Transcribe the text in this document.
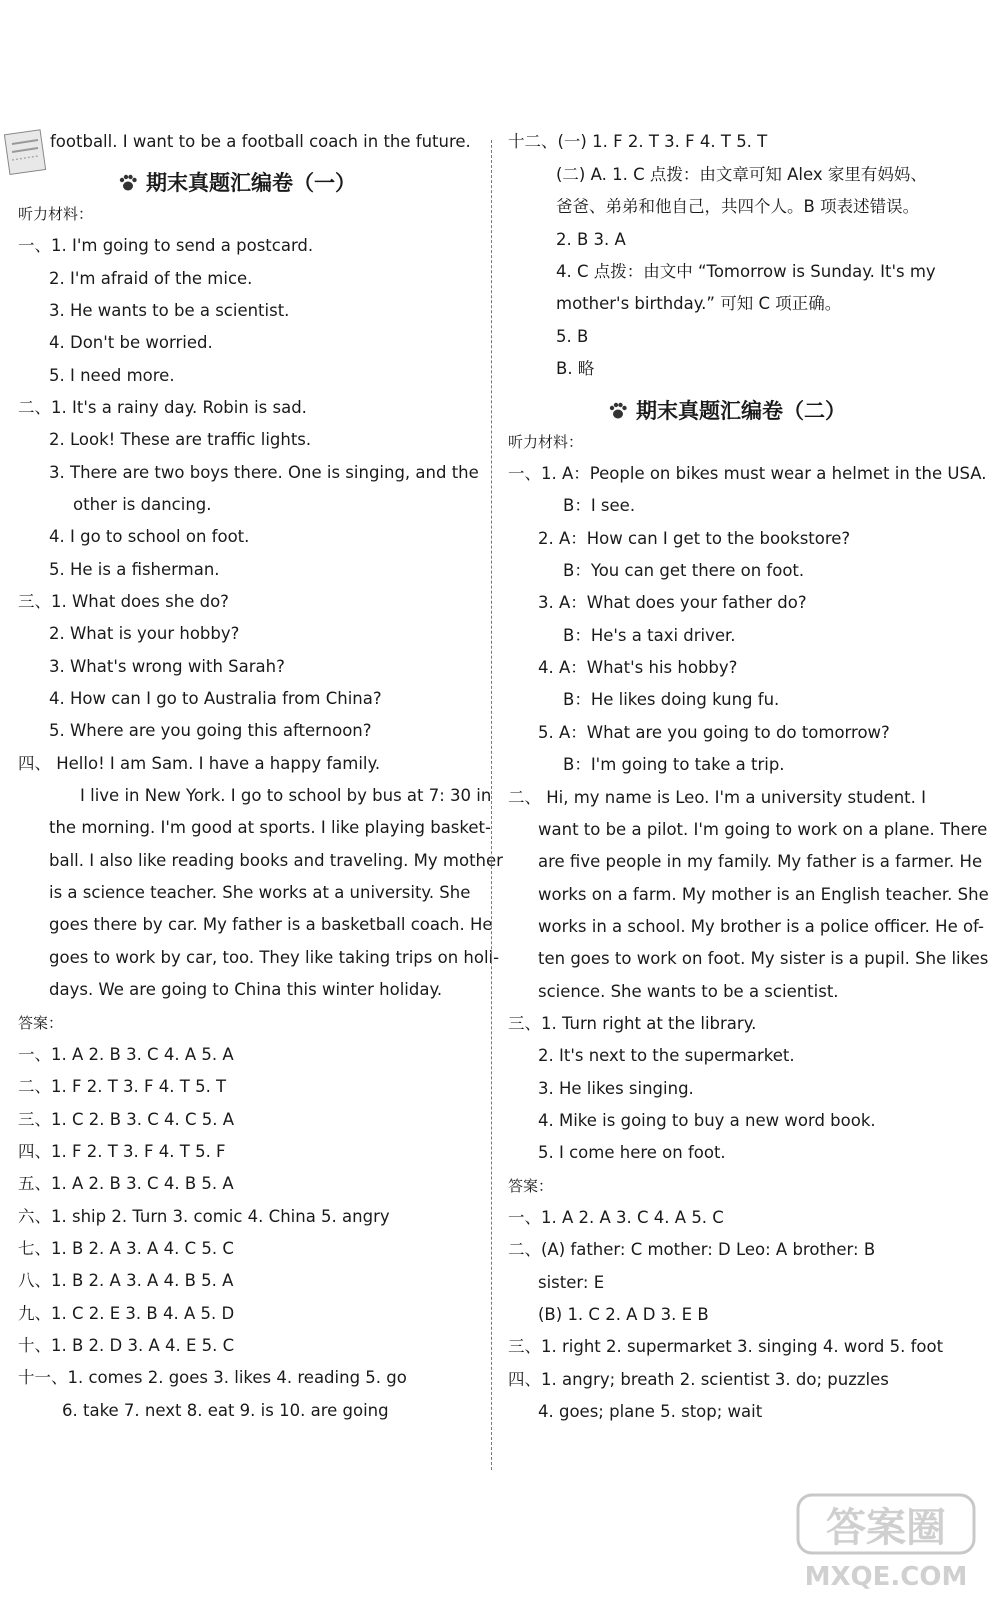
football. I want to be a football coach in the future.
期末真题汇编卷（一）
听力材料：
一、1. I'm going to send a postcard.
2. I'm afraid of the mice.
3. He wants to be a scientist.
4. Don't be worried.
5. I need more.
二、1. It's a rainy day. Robin is sad.
2. Look! These are traffic lights.
3. There are two boys there. One is singing, and the
other is dancing.
4. I go to school on foot.
5. He is a fisherman.
三、1. What does she do?
2. What is your hobby?
3. What's wrong with Sarah?
4. How can I go to Australia from China?
5. Where are you going this afternoon?
四、 Hello! I am Sam. I have a happy family.
I live in New York. I go to school by bus at 7: 30 in
the morning. I'm good at sports. I like playing basket-
ball. I also like reading books and traveling. My mother
is a science teacher. She works at a university. She
goes there by car. My father is a basketball coach. He
goes to work by car, too. They like taking trips on holi-
days. We are going to China this winter holiday.
答案：
一、1. A 2. B 3. C 4. A 5. A
二、1. F 2. T 3. F 4. T 5. T
三、1. C 2. B 3. C 4. C 5. A
四、1. F 2. T 3. F 4. T 5. F
五、1. A 2. B 3. C 4. B 5. A
六、1. ship 2. Turn 3. comic 4. China 5. angry
七、1. B 2. A 3. A 4. C 5. C
八、1. B 2. A 3. A 4. B 5. A
九、1. C 2. E 3. B 4. A 5. D
十、1. B 2. D 3. A 4. E 5. C
十一、1. comes 2. goes 3. likes 4. reading 5. go
6. take 7. next 8. eat 9. is 10. are going
十二、(一) 1. F 2. T 3. F 4. T 5. T
(二) A. 1. C 点拨：由文章可知 Alex 家里有妈妈、
爸爸、弟弟和他自己，共四个人。B 项表述错误。
2. B 3. A
4. C 点拨：由文中 “Tomorrow is Sunday. It's my
mother's birthday.” 可知 C 项正确。
5. B
B. 略
期末真题汇编卷（二）
听力材料：
一、1. A：People on bikes must wear a helmet in the USA.
B：I see.
2. A：How can I get to the bookstore?
B：You can get there on foot.
3. A：What does your father do?
B：He's a taxi driver.
4. A：What's his hobby?
B：He likes doing kung fu.
5. A：What are you going to do tomorrow?
B：I'm going to take a trip.
二、 Hi, my name is Leo. I'm a university student. I
want to be a pilot. I'm going to work on a plane. There
are five people in my family. My father is a farmer. He
works on a farm. My mother is an English teacher. She
works in a school. My brother is a police officer. He of-
ten goes to work on foot. My sister is a pupil. She likes
science. She wants to be a scientist.
三、1. Turn right at the library.
2. It's next to the supermarket.
3. He likes singing.
4. Mike is going to buy a new word book.
5. I come here on foot.
答案：
一、1. A 2. A 3. C 4. A 5. C
二、(A) father: C mother: D Leo: A brother: B
sister: E
(B) 1. C 2. A D 3. E B
三、1. right 2. supermarket 3. singing 4. word 5. foot
四、1. angry; breath 2. scientist 3. do; puzzles
4. goes; plane 5. stop; wait
答案圈
MXQE.COM
